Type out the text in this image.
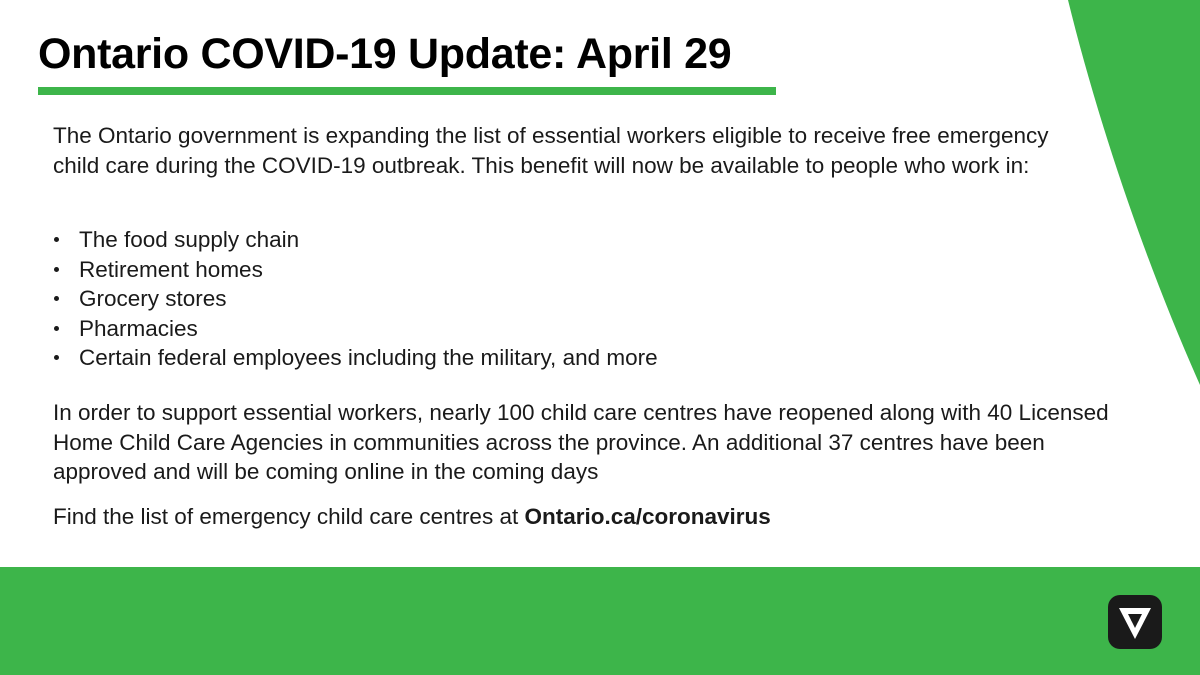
Ontario COVID-19 Update: April 29

The Ontario government is expanding the list of essential workers eligible to receive free emergency child care during the COVID-19 outbreak. This benefit will now be available to people who work in:

The food supply chain
Retirement homes
Grocery stores
Pharmacies
Certain federal employees including the military, and more

In order to support essential workers, nearly 100 child care centres have reopened along with 40 Licensed Home Child Care Agencies in communities across the province. An additional 37 centres have been approved and will be coming online in the coming days

Find the list of emergency child care centres at Ontario.ca/coronavirus
